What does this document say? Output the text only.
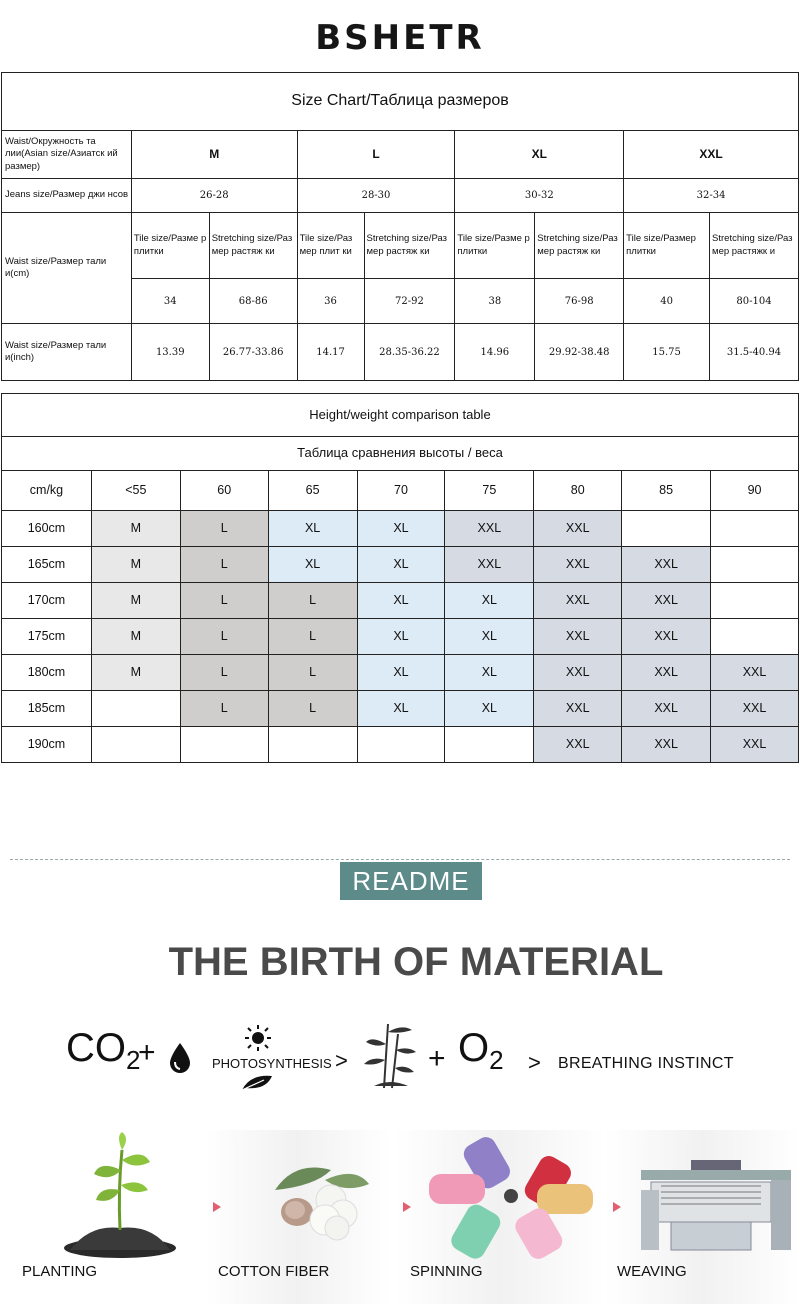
BSHETR
Size Chart/Таблица размеров								
Waist/Окружность та лии(Asian size/Азиатск ий размер)	M		L		XL		XXL	
Jeans size/Размер джи нсов	26-28		28-30		30-32		32-34	
Waist size/Размер тали и(cm)	Tile size/Разме р плитки	Stretching size/Раз мер растяж ки	Tile size/Раз мер плит ки	Stretching size/Раз мер растяж ки	Tile size/Разме р плитки	Stretching size/Раз мер растяж ки	Tile size/Размер плитки	Stretching size/Раз мер растяжк и
	34	68-86	36	72-92	38	76-98	40	80-104
Waist size/Размер тали и(inch)	13.39	26.77-33.86	14.17	28.35-36.22	14.96	29.92-38.48	15.75	31.5-40.94
Height/weight comparison table								
Таблица сравнения высоты / веса								
cm/kg	<55	60	65	70	75	80	85	90
160cm	M	L	XL	XL	XXL	XXL		
165cm	M	L	XL	XL	XXL	XXL	XXL	
170cm	M	L	L	XL	XL	XXL	XXL	
175cm	M	L	L	XL	XL	XXL	XXL	
180cm	M	L	L	XL	XL	XXL	XXL	XXL
185cm		L	L	XL	XL	XXL	XXL	XXL
190cm						XXL	XXL	XXL
README
THE BIRTH OF MATERIAL
$CO_2$
+	PHOTOSYNTHESIS >	+ $O_2$ > BREATHING INSTINCT
PLANTING	COTTON FIBER	SPINNING	WEAVING
